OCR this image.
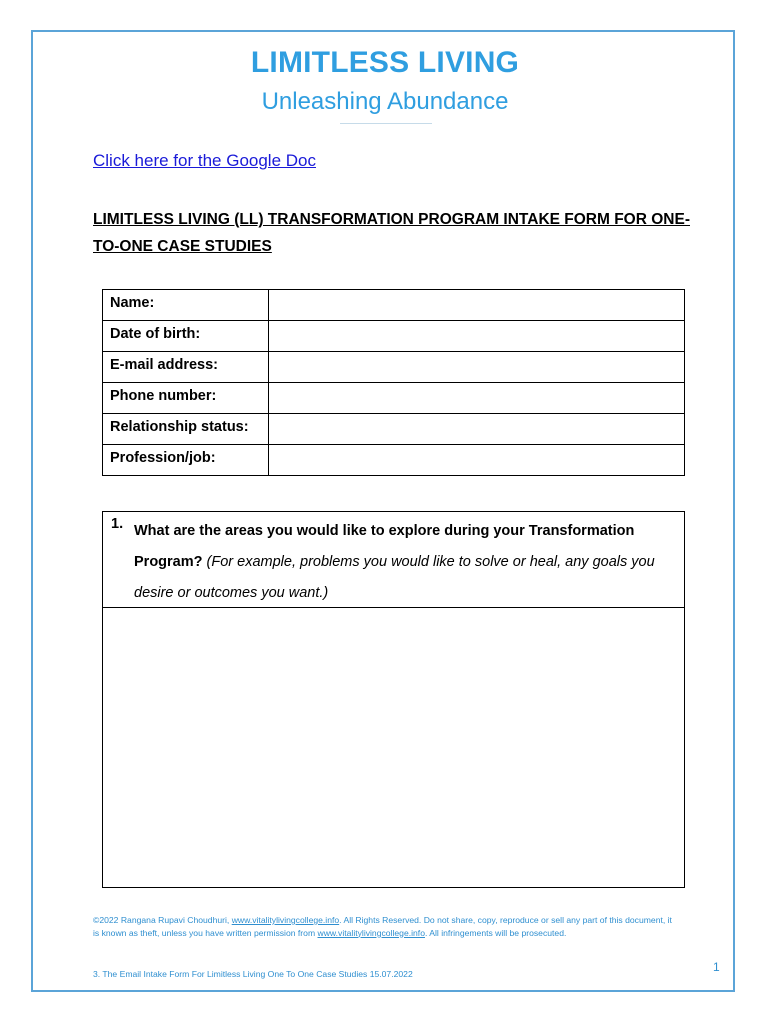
LIMITLESS LIVING
Unleashing Abundance
Click here for the Google Doc
LIMITLESS LIVING (LL) TRANSFORMATION PROGRAM INTAKE FORM FOR ONE-TO-ONE CASE STUDIES
Name:	
Date of birth:	
E-mail address:	
Phone number:	
Relationship status:	
Profession/job:	
1. What are the areas you would like to explore during your Transformation Program? (For example, problems you would like to solve or heal, any goals you desire or outcomes you want.)
©2022 Rangana Rupavi Choudhuri, www.vitalitylivingcollege.info. All Rights Reserved. Do not share, copy, reproduce or sell any part of this document, it is known as theft, unless you have written permission from www.vitalitylivingcollege.info. All infringements will be prosecuted.
1
3. The Email Intake Form For Limitless Living One To One Case Studies 15.07.2022
